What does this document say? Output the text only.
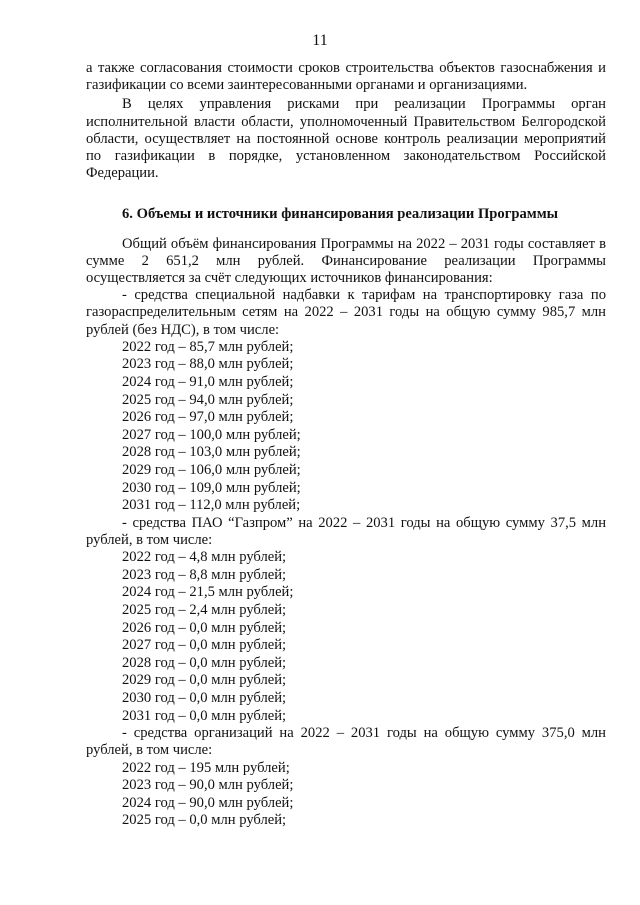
11

а также согласования стоимости сроков строительства объектов газоснабжения и газификации со всеми заинтересованными органами и организациями.

В целях управления рисками при реализации Программы орган исполнительной власти области, уполномоченный Правительством Белгородской области, осуществляет на постоянной основе контроль реализации мероприятий по газификации в порядке, установленном законодательством Российской Федерации.

6. Объемы и источники финансирования реализации Программы

Общий объём финансирования Программы на 2022 – 2031 годы составляет в сумме 2 651,2 млн рублей. Финансирование реализации Программы осуществляется за счёт следующих источников финансирования:

- средства специальной надбавки к тарифам на транспортировку газа по газораспределительным сетям на 2022 – 2031 годы на общую сумму 985,7 млн рублей (без НДС), в том числе:

2022 год – 85,7 млн рублей;
2023 год – 88,0 млн рублей;
2024 год – 91,0 млн рублей;
2025 год – 94,0 млн рублей;
2026 год – 97,0 млн рублей;
2027 год – 100,0 млн рублей;
2028 год – 103,0 млн рублей;
2029 год – 106,0 млн рублей;
2030 год – 109,0 млн рублей;
2031 год – 112,0 млн рублей;

- средства ПАО “Газпром” на 2022 – 2031 годы на общую сумму 37,5 млн рублей, в том числе:

2022 год – 4,8 млн рублей;
2023 год – 8,8 млн рублей;
2024 год – 21,5 млн рублей;
2025 год – 2,4 млн рублей;
2026 год – 0,0 млн рублей;
2027 год – 0,0 млн рублей;
2028 год – 0,0 млн рублей;
2029 год – 0,0 млн рублей;
2030 год – 0,0 млн рублей;
2031 год – 0,0 млн рублей;

- средства организаций на 2022 – 2031 годы на общую сумму 375,0 млн рублей, в том числе:

2022 год – 195 млн рублей;
2023 год – 90,0 млн рублей;
2024 год – 90,0 млн рублей;
2025 год – 0,0 млн рублей;
